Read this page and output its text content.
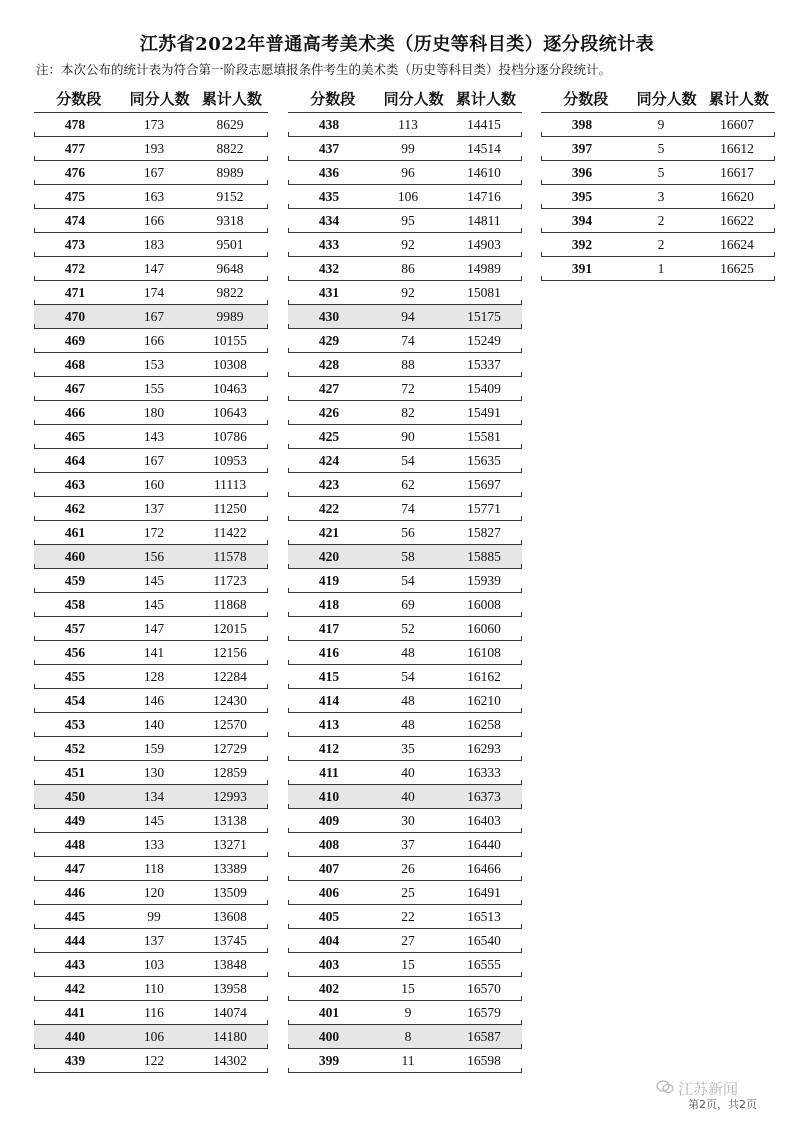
江苏省2022年普通高考美术类（历史等科目类）逐分段统计表
注：本次公布的统计表为符合第一阶段志愿填报条件考生的美术类（历史等科目类）投档分逐分段统计。
分数段	同分人数 累计人数
478	173	8629
477	193	8822
476	167	8989
475	163	9152
474	166	9318
473	183	9501
472	147	9648
471	174	9822
470	167	9989
469	166	10155
468	153	10308
467	155	10463
466	180	10643
465	143	10786
464	167	10953
463	160	11113
462	137	11250
461	172	11422
460	156	11578
459	145	11723
458	145	11868
457	147	12015
456	141	12156
455	128	12284
454	146	12430
453	140	12570
452	159	12729
451	130	12859
450	134	12993
449	145	13138
448	133	13271
447	118	13389
446	120	13509
445	99	13608
444	137	13745
443	103	13848
442	110	13958
441	116	14074
440	106	14180
439	122	14302
分数段	同分人数 累计人数
438	113	14415
437	99	14514
436	96	14610
435	106	14716
434	95	14811
433	92	14903
432	86	14989
431	92	15081
430	94	15175
429	74	15249
428	88	15337
427	72	15409
426	82	15491
425	90	15581
424	54	15635
423	62	15697
422	74	15771
421	56	15827
420	58	15885
419	54	15939
418	69	16008
417	52	16060
416	48	16108
415	54	16162
414	48	16210
413	48	16258
412	35	16293
411	40	16333
410	40	16373
409	30	16403
408	37	16440
407	26	16466
406	25	16491
405	22	16513
404	27	16540
403	15	16555
402	15	16570
401	9	16579
400	8	16587
399	11	16598
分数段	同分人数 累计人数
398	9	16607
397	5	16612
396	5	16617
395	3	16620
394	2	16622
392	2	16624
391	1	16625
江苏新闻
第2页，共2页
